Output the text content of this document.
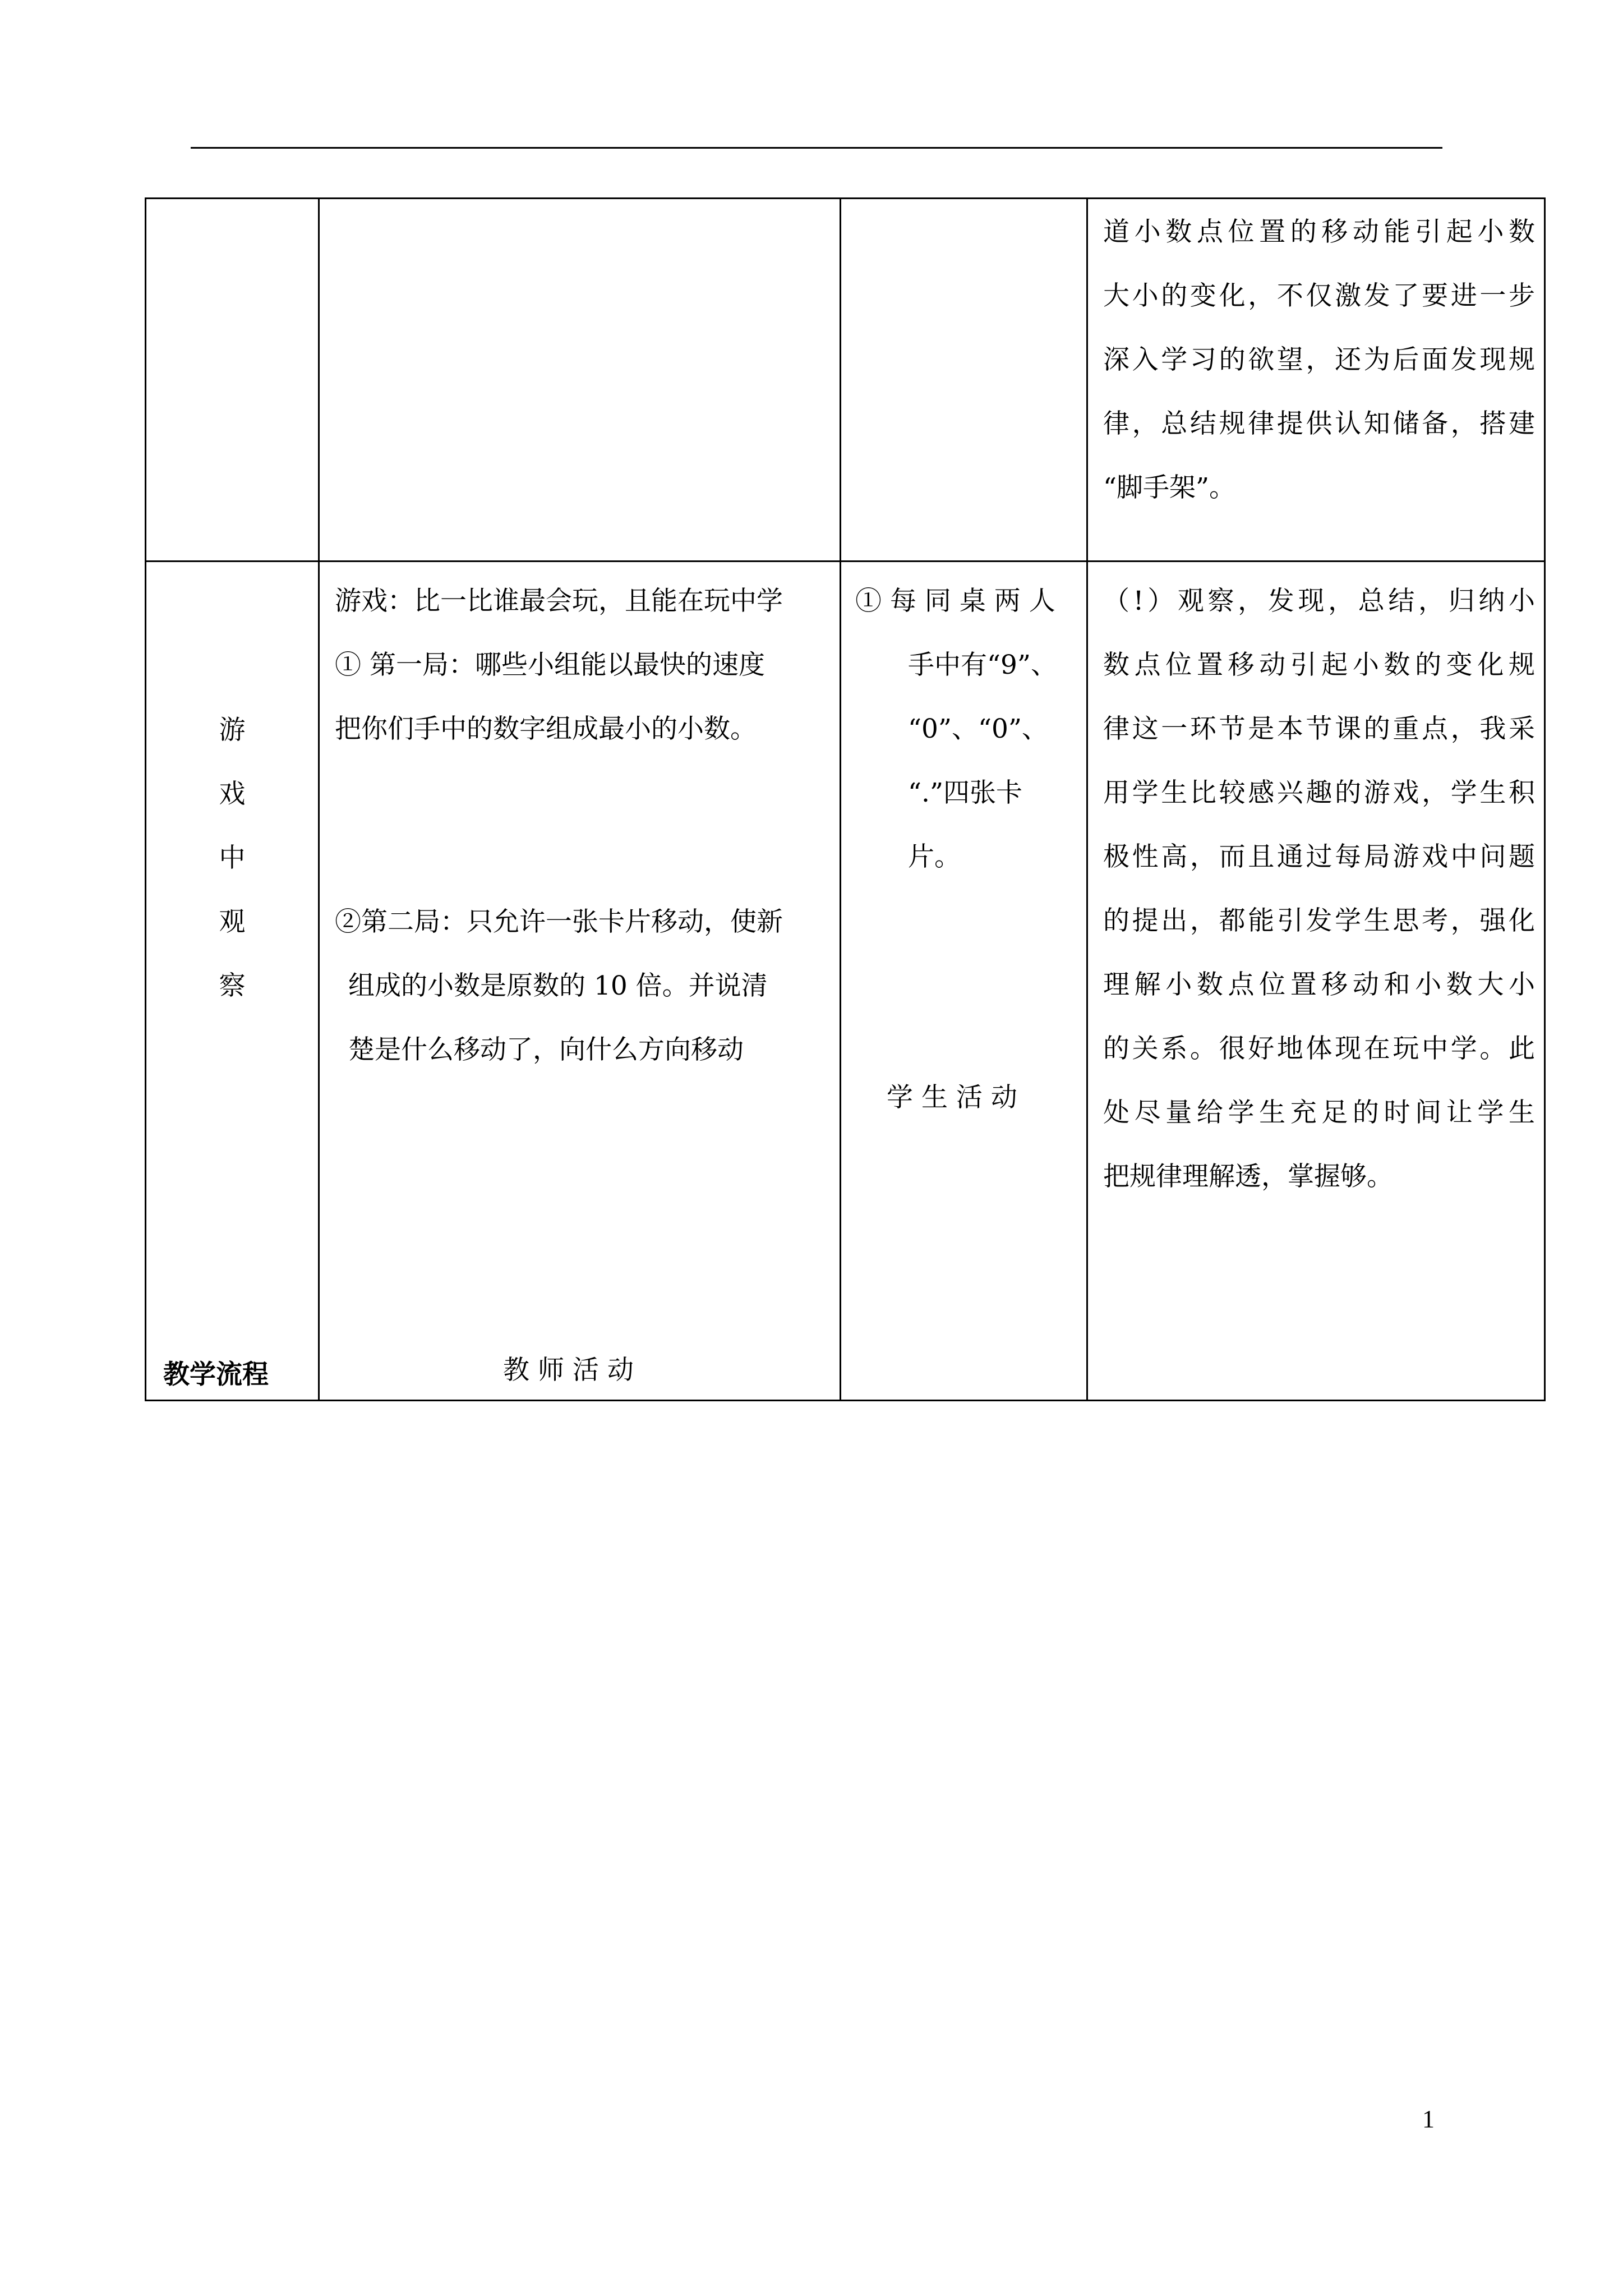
道小数点位置的移动能引起小数
大小的变化，不仅激发了要进一步
深入学习的欲望，还为后面发现规
律，总结规律提供认知储备，搭建
“脚手架”。
游
戏
中
观
察
游戏：比一比谁最会玩，且能在玩中学
① 第一局：哪些小组能以最快的速度
把你们手中的数字组成最小的小数。
②第二局：只允许一张卡片移动，使新
组成的小数是原数的 10 倍。并说清
楚是什么移动了，向什么方向移动
① 每 同 桌 两 人
手中有“9”、
“0”、“0”、
“.”四张卡
片。
学 生 活 动
（!）观察，发现，总结，归纳小
数点位置移动引起小数的变化规
律这一环节是本节课的重点，我采
用学生比较感兴趣的游戏，学生积
极性高，而且通过每局游戏中问题
的提出，都能引发学生思考，强化
理解小数点位置移动和小数大小
的关系。很好地体现在玩中学。此
处尽量给学生充足的时间让学生
把规律理解透，掌握够。
教学流程	教 师 活 动
1
